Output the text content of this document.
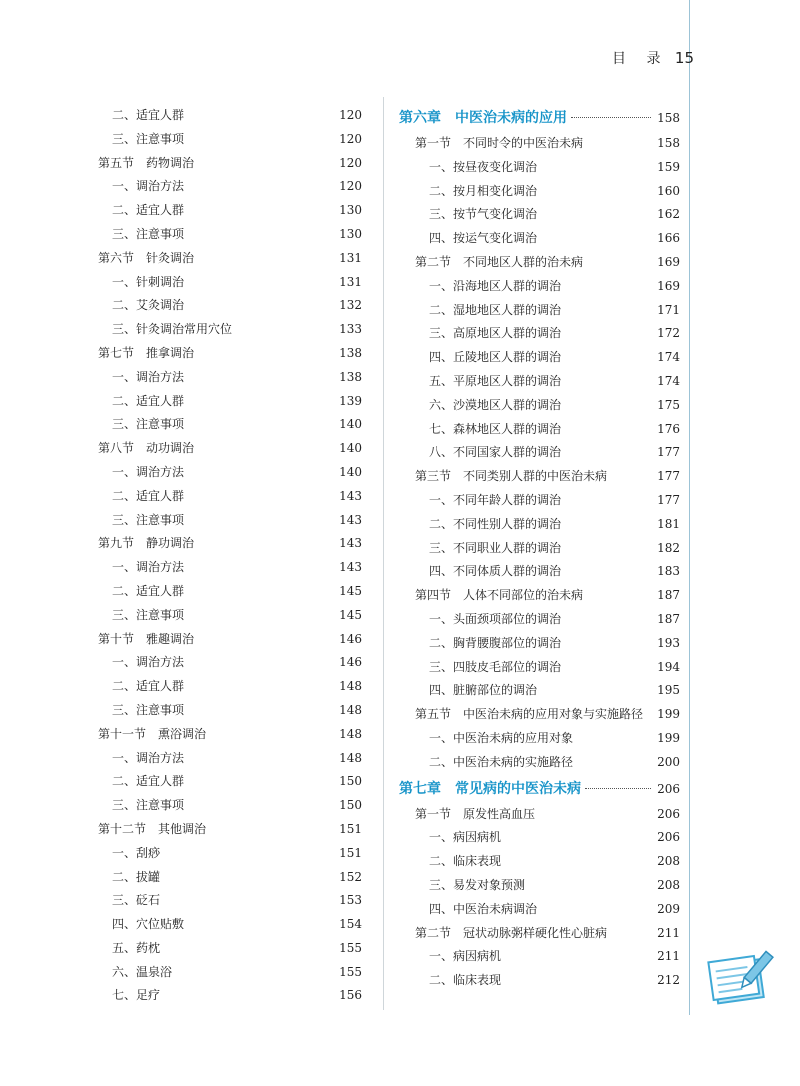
目 录 15
二、适宜人群	120
三、注意事项	120
第五节　药物调治	120
一、调治方法	120
二、适宜人群	130
三、注意事项	130
第六节　针灸调治	131
一、针刺调治	131
二、艾灸调治	132
三、针灸调治常用穴位	133
第七节　推拿调治	138
一、调治方法	138
二、适宜人群	139
三、注意事项	140
第八节　动功调治	140
一、调治方法	140
二、适宜人群	143
三、注意事项	143
第九节　静功调治	143
一、调治方法	143
二、适宜人群	145
三、注意事项	145
第十节　雅趣调治	146
一、调治方法	146
二、适宜人群	148
三、注意事项	148
第十一节　熏浴调治	148
一、调治方法	148
二、适宜人群	150
三、注意事项	150
第十二节　其他调治	151
一、刮痧	151
二、拔罐	152
三、砭石	153
四、穴位贴敷	154
五、药枕	155
六、温泉浴	155
七、足疗	156
第六章　中医治未病的应用	158
第一节　不同时令的中医治未病	158
一、按昼夜变化调治	159
二、按月相变化调治	160
三、按节气变化调治	162
四、按运气变化调治	166
第二节　不同地区人群的治未病	169
一、沿海地区人群的调治	169
二、湿地地区人群的调治	171
三、高原地区人群的调治	172
四、丘陵地区人群的调治	174
五、平原地区人群的调治	174
六、沙漠地区人群的调治	175
七、森林地区人群的调治	176
八、不同国家人群的调治	177
第三节　不同类别人群的中医治未病	177
一、不同年龄人群的调治	177
二、不同性别人群的调治	181
三、不同职业人群的调治	182
四、不同体质人群的调治	183
第四节　人体不同部位的治未病	187
一、头面颈项部位的调治	187
二、胸背腰腹部位的调治	193
三、四肢皮毛部位的调治	194
四、脏腑部位的调治	195
第五节　中医治未病的应用对象与实施路径 199
一、中医治未病的应用对象	199
二、中医治未病的实施路径	200
第七章　常见病的中医治未病	206
第一节　原发性高血压	206
一、病因病机	206
二、临床表现	208
三、易发对象预测	208
四、中医治未病调治	209
第二节　冠状动脉粥样硬化性心脏病	211
一、病因病机	211
二、临床表现	212
